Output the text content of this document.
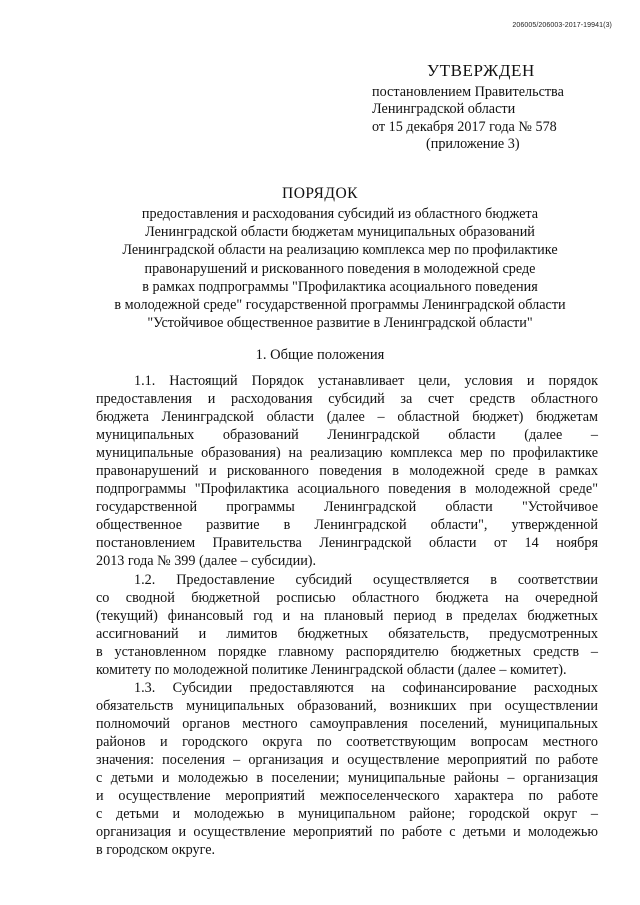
206005/206003-2017-19941(3)
УТВЕРЖДЕН
постановлением Правительства
Ленинградской области
от 15 декабря 2017 года № 578
(приложение 3)
ПОРЯДОК
предоставления и расходования субсидий из областного бюджета
Ленинградской области бюджетам муниципальных образований
Ленинградской области на реализацию комплекса мер по профилактике
правонарушений и рискованного поведения в молодежной среде
в рамках подпрограммы "Профилактика асоциального поведения
в молодежной среде" государственной программы Ленинградской области
"Устойчивое общественное развитие в Ленинградской области"
1. Общие положения
1.1. Настоящий Порядок устанавливает цели, условия и порядок
предоставления и расходования субсидий за счет средств областного
бюджета Ленинградской области (далее – областной бюджет) бюджетам
муниципальных образований Ленинградской области (далее –
муниципальные образования) на реализацию комплекса мер по профилактике
правонарушений и рискованного поведения в молодежной среде в рамках
подпрограммы "Профилактика асоциального поведения в молодежной среде"
государственной программы Ленинградской области "Устойчивое
общественное развитие в Ленинградской области", утвержденной
постановлением Правительства Ленинградской области от 14 ноября
2013 года № 399 (далее – субсидии).
1.2. Предоставление субсидий осуществляется в соответствии
со сводной бюджетной росписью областного бюджета на очередной
(текущий) финансовый год и на плановый период в пределах бюджетных
ассигнований и лимитов бюджетных обязательств, предусмотренных
в установленном порядке главному распорядителю бюджетных средств –
комитету по молодежной политике Ленинградской области (далее – комитет).
1.3. Субсидии предоставляются на софинансирование расходных
обязательств муниципальных образований, возникших при осуществлении
полномочий органов местного самоуправления поселений, муниципальных
районов и городского округа по соответствующим вопросам местного
значения: поселения – организация и осуществление мероприятий по работе
с детьми и молодежью в поселении; муниципальные районы – организация
и осуществление мероприятий межпоселенческого характера по работе
с детьми и молодежью в муниципальном районе; городской округ –
организация и осуществление мероприятий по работе с детьми и молодежью
в городском округе.
